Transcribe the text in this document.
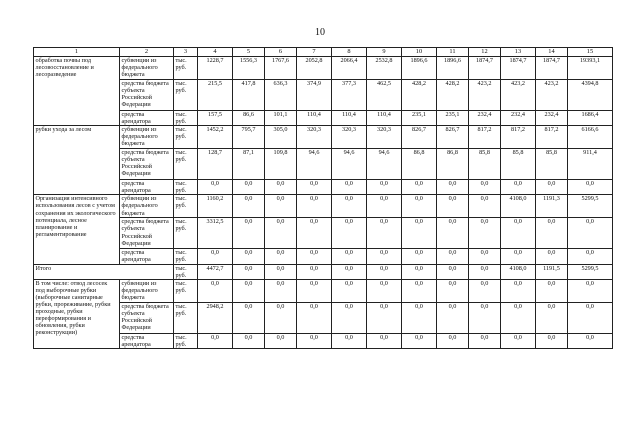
10
1	2	3	4	5	6	7	8	9	10	11	12	13	14	15
обработка почвы под лесовосстановление и лесоразведение	субвенции из федерального бюджета	тыс. руб.	1228,7	1556,3	1767,6	2052,8	2066,4	2532,8	1896,6	1896,6	1874,7	1874,7	1874,7	19393,1
	средства бюджета субъекта Российской Федерации	тыс. руб.	215,5	417,8	636,3	374,9	377,3	462,5	428,2	428,2	423,2	423,2	423,2	4394,8
	средства арендатора	тыс. руб.	157,5	86,6	101,1	110,4	110,4	110,4	235,1	235,1	232,4	232,4	232,4	1686,4
рубки ухода за лесом	субвенции из федерального бюджета	тыс. руб.	1452,2	795,7	305,0	320,3	320,3	320,3	826,7	826,7	817,2	817,2	817,2	6166,6
	средства бюджета субъекта Российской Федерации	тыс. руб.	128,7	87,1	109,8	94,6	94,6	94,6	86,8	86,8	85,8	85,8	85,8	911,4
	средства арендатора	тыс. руб.	0,0	0,0	0,0	0,0	0,0	0,0	0,0	0,0	0,0	0,0	0,0	0,0
Организация интенсивного использования лесов с учетом сохранения их экологического потенциала, лесное планирование и регламентирование	субвенции из федерального бюджета	тыс. руб.	1160,2	0,0	0,0	0,0	0,0	0,0	0,0	0,0	0,0	4108,0	1191,3	5299,5
	средства бюджета субъекта Российской Федерации	тыс. руб.	3312,5	0,0	0,0	0,0	0,0	0,0	0,0	0,0	0,0	0,0	0,0	0,0
	средства арендатора	тыс. руб.	0,0	0,0	0,0	0,0	0,0	0,0	0,0	0,0	0,0	0,0	0,0	0,0
Итого		тыс. руб.	4472,7	0,0	0,0	0,0	0,0	0,0	0,0	0,0	0,0	4108,0	1191,5	5299,5
В том числе: отвод лесосек под выборочные рубки (выборочные санитарные рубки, прореживание, рубки проходные, рубки переформирования и обновления, рубки реконструкции)	субвенции из федерального бюджета	тыс. руб.	0,0	0,0	0,0	0,0	0,0	0,0	0,0	0,0	0,0	0,0	0,0	0,0
	средства бюджета субъекта Российской Федерации	тыс. руб.	2948,2	0,0	0,0	0,0	0,0	0,0	0,0	0,0	0,0	0,0	0,0	0,0
	средства арендатора	тыс. руб.	0,0	0,0	0,0	0,0	0,0	0,0	0,0	0,0	0,0	0,0	0,0	0,0
